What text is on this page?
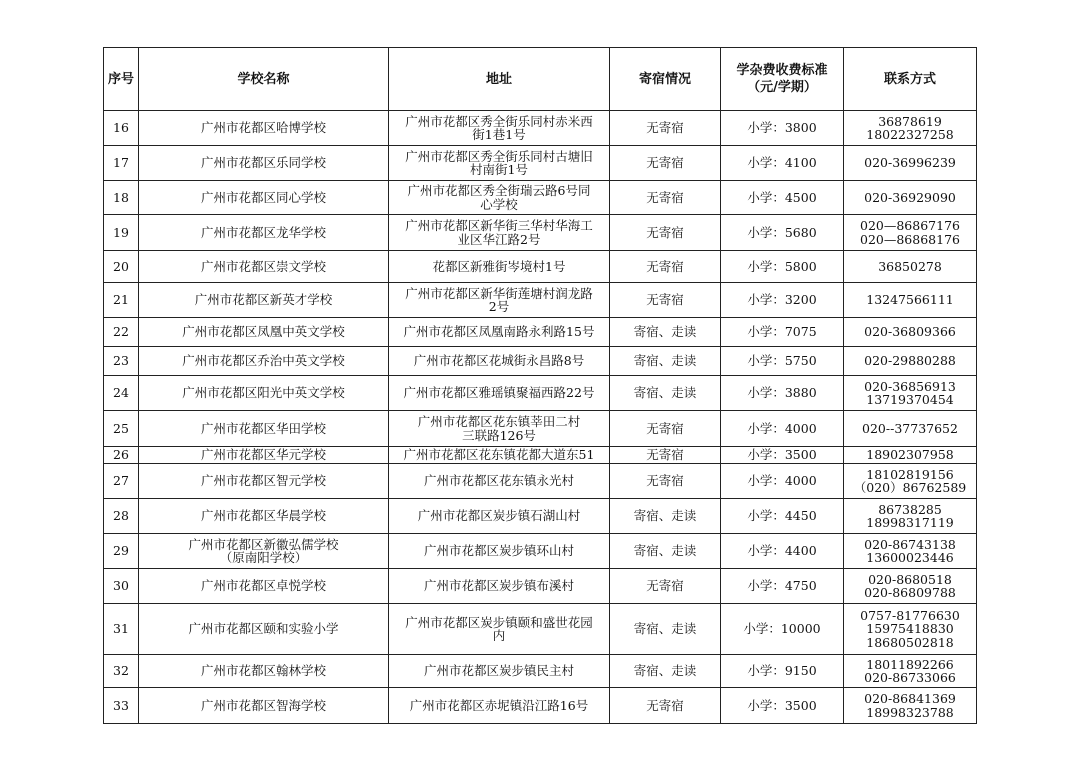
序号	学校名称	地址	寄宿情况	学杂费收费标准
（元/学期）	联系方式
16	广州市花都区哈博学校	广州市花都区秀全街乐同村赤米西
街1巷1号	无寄宿	小学：3800	36878619
18022327258

17	广州市花都区乐同学校	广州市花都区秀全街乐同村古塘旧
村南街1号	无寄宿	小学：4100	020-36996239

18	广州市花都区同心学校	广州市花都区秀全街瑞云路6号同
心学校	无寄宿	小学：4500	020-36929090

19	广州市花都区龙华学校	广州市花都区新华街三华村华海工
业区华江路2号	无寄宿	小学：5680	020—86867176
020—86868176

20	广州市花都区崇文学校	花都区新雅街岑境村1号	无寄宿	小学：5800	36850278

21	广州市花都区新英才学校	广州市花都区新华街莲塘村润龙路
2号	无寄宿	小学：3200	13247566111

22	广州市花都区凤凰中英文学校	广州市花都区凤凰南路永利路15号	寄宿、走读	小学：7075	020-36809366

23	广州市花都区乔治中英文学校	广州市花都区花城街永昌路8号	寄宿、走读	小学：5750	020-29880288

24	广州市花都区阳光中英文学校	广州市花都区雅瑶镇聚福西路22号	寄宿、走读	小学：3880	020-36856913
13719370454

25	广州市花都区华田学校	广州市花都区花东镇莘田二村
三联路126号	无寄宿	小学：4000	020--37737652

26	广州市花都区华元学校	广州市花都区花东镇花都大道东51	无寄宿	小学：3500	18902307958

27	广州市花都区智元学校	广州市花都区花东镇永光村	无寄宿	小学：4000	18102819156
（020）86762589

28	广州市花都区华晨学校	广州市花都区炭步镇石湖山村	寄宿、走读	小学：4450	86738285
18998317119

29	广州市花都区新徽弘儒学校
（原南阳学校）	广州市花都区炭步镇环山村	寄宿、走读	小学：4400	020-86743138
13600023446

30	广州市花都区卓悦学校	广州市花都区炭步镇布溪村	无寄宿	小学：4750	020-8680518
020-86809788

31	广州市花都区颐和实验小学	广州市花都区炭步镇颐和盛世花园
内	寄宿、走读	小学：10000	0757-81776630
15975418830
18680502818

32	广州市花都区翰林学校	广州市花都区炭步镇民主村	寄宿、走读	小学：9150	18011892266
020-86733066

33	广州市花都区智海学校	广州市花都区赤坭镇沿江路16号	无寄宿	小学：3500	020-86841369
18998323788
